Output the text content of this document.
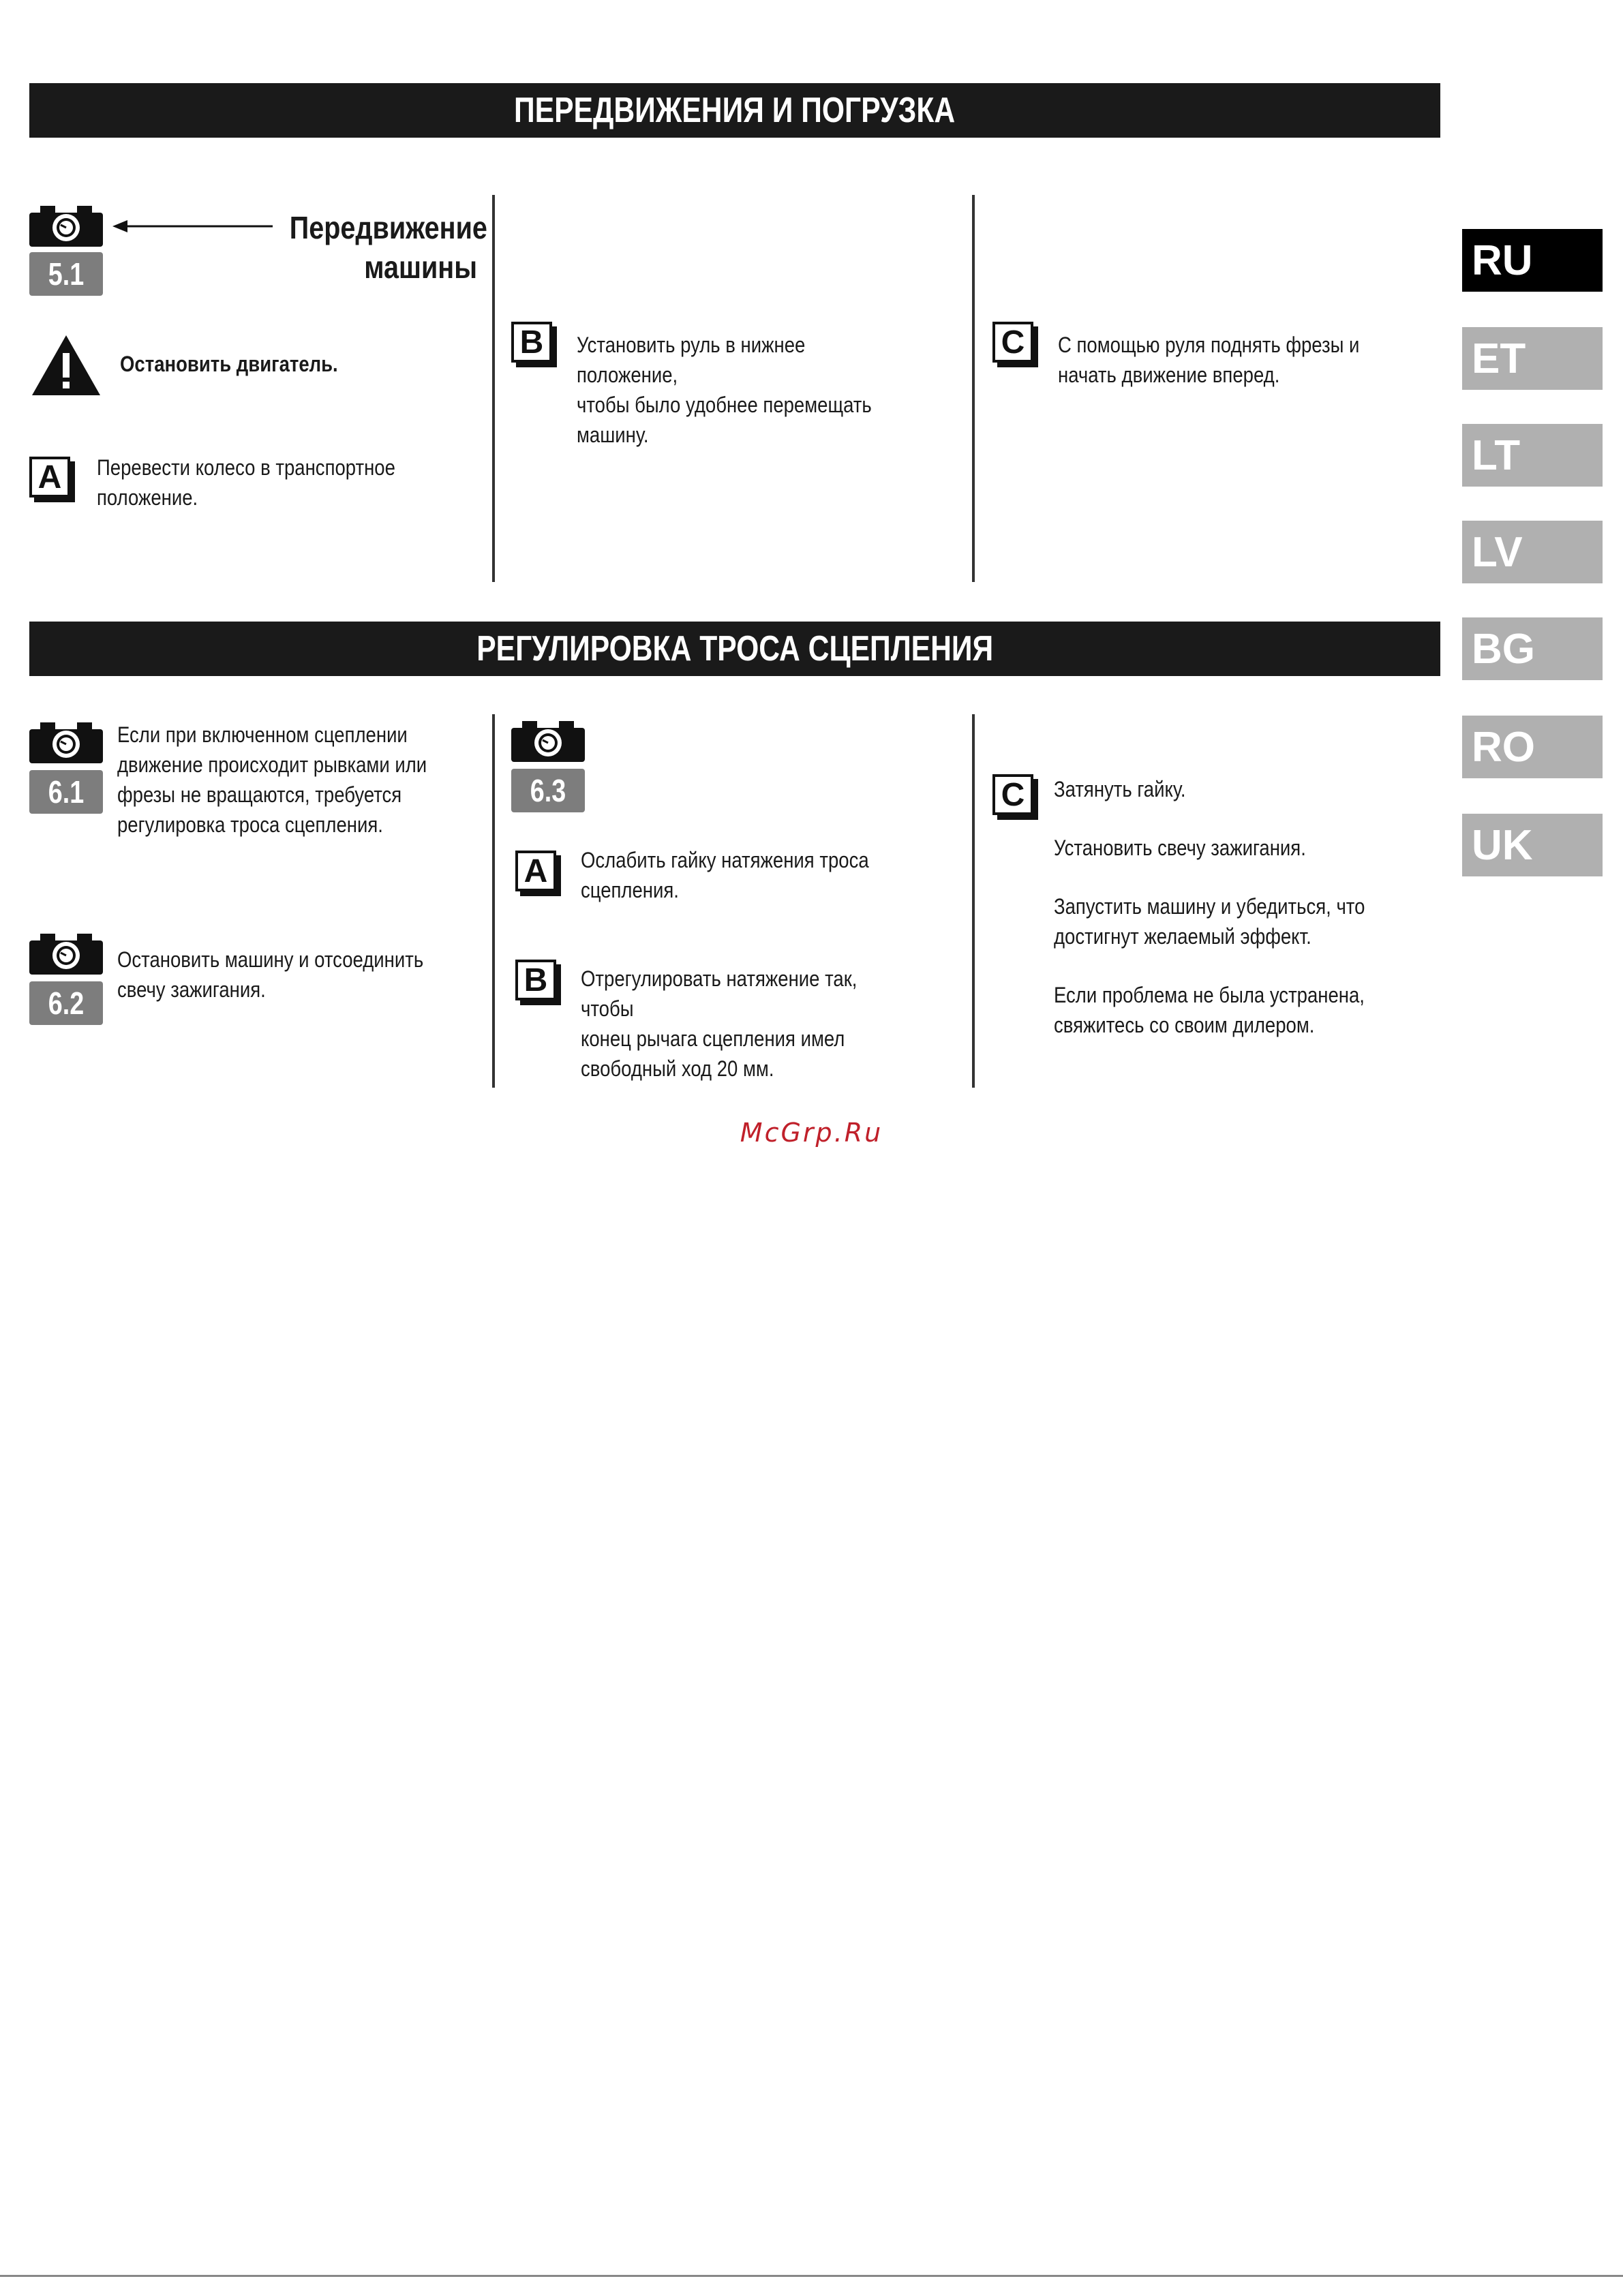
ПЕРЕДВИЖЕНИЯ И ПОГРУЗКА
5.1
Передвижение
машины
Остановить двигатель.
A	Перевести колесо в транспортное
положение.
B	Установить руль в нижнее положение,
чтобы было удобнее перемещать
машину.
C	С помощью руля поднять фрезы и
начать движение вперед.
РЕГУЛИРОВКА ТРОСА СЦЕПЛЕНИЯ
6.1
Если при включенном сцеплении
движение происходит рывками или
фрезы не вращаются, требуется
регулировка троса сцепления.
6.2
Остановить машину и отсоединить
свечу зажигания.
6.3
A	Ослабить гайку натяжения троса
сцепления.
B	Отрегулировать натяжение так, чтобы
конец рычага сцепления имел
свободный ход 20 мм.
C	Затянуть гайку.
Установить свечу зажигания.
Запустить машину и убедиться, что
достигнут желаемый эффект.
Если проблема не была устранена,
свяжитесь со своим дилером.
RU
ET
LT
LV
BG
RO
UK
McGrp.Ru
